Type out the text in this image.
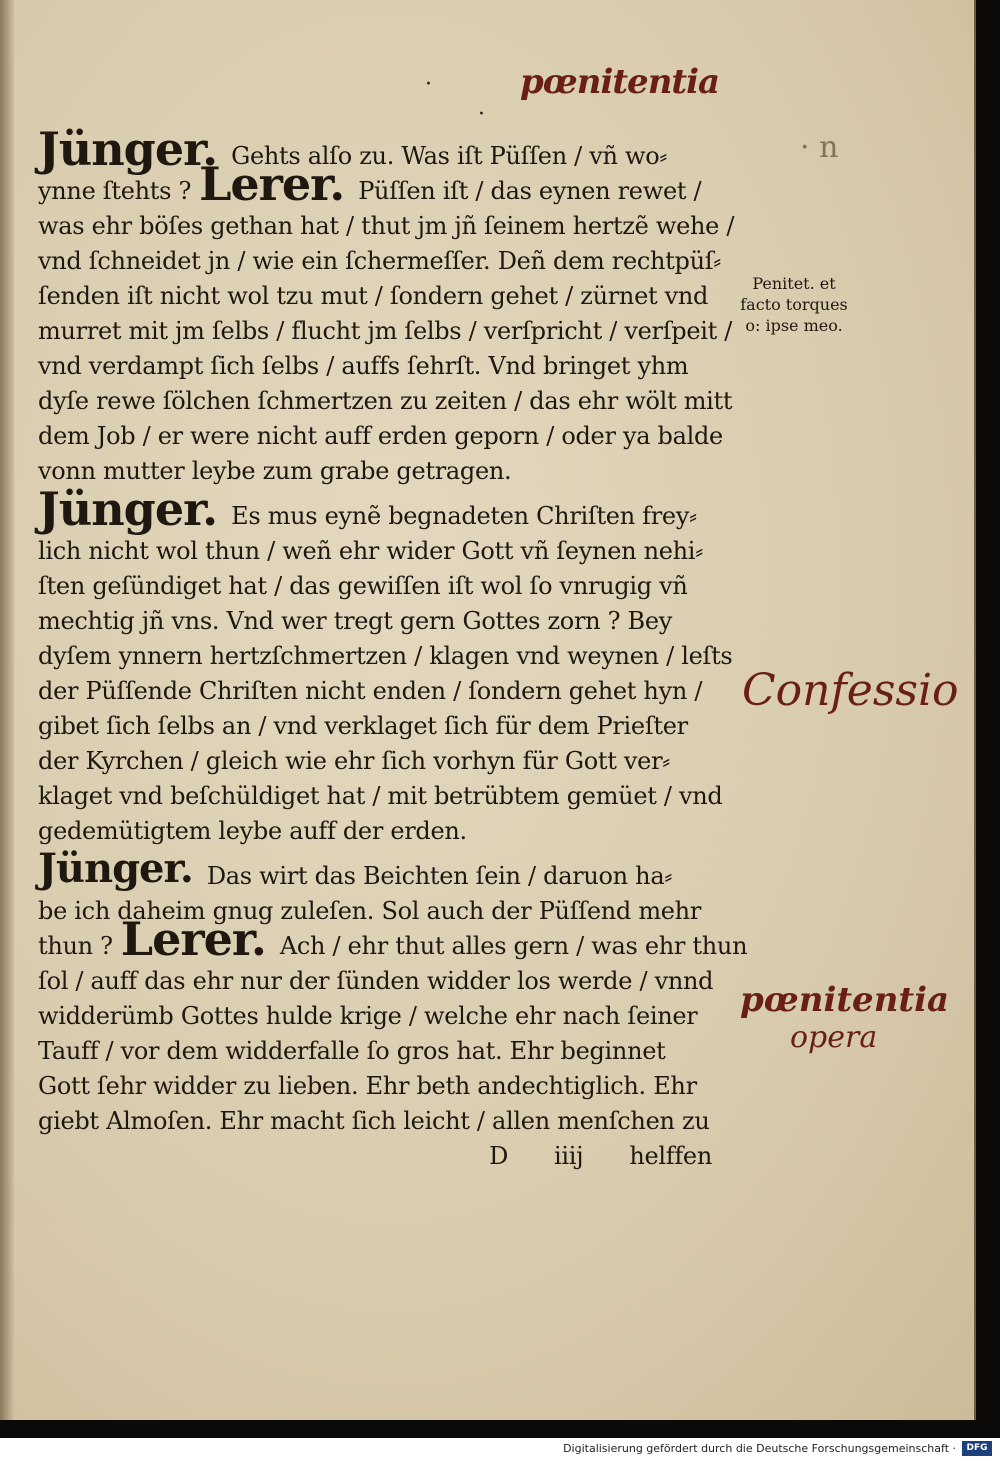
pœnitentia
·
·
· n
Jünger. Gehts alſo zu. Was iſt Püſſen / vñ wo⸗
ynne ſtehts ? Lerer. Püſſen iſt / das eynen rewet /
was ehr böſes gethan hat / thut jm jñ ſeinem hertzẽ wehe /
vnd ſchneidet jn / wie ein ſchermeſſer. Deñ dem rechtpüſ⸗
ſenden iſt nicht wol tzu mut / ſondern gehet / zürnet vnd
murret mit jm ſelbs / flucht jm ſelbs / verſpricht / verſpeit /
vnd verdampt ſich ſelbs / auffs ſehrſt. Vnd bringet yhm
dyſe rewe ſölchen ſchmertzen zu zeiten / das ehr wölt mitt
dem Job / er were nicht auff erden geporn / oder ya balde
vonn mutter leybe zum grabe getragen.
Jünger. Es mus eynẽ begnadeten Chriſten frey⸗
lich nicht wol thun / weñ ehr wider Gott vñ ſeynen nehi⸗
ſten geſündiget hat / das gewiſſen iſt wol ſo vnrugig vñ
mechtig jñ vns. Vnd wer tregt gern Gottes zorn ? Bey
dyſem ynnern hertzſchmertzen / klagen vnd weynen / leſts
der Püſſende Chriſten nicht enden / ſondern gehet hyn /
gibet ſich ſelbs an / vnd verklaget ſich für dem Prieſter
der Kyrchen / gleich wie ehr ſich vorhyn für Gott ver⸗
klaget vnd beſchüldiget hat / mit betrübtem gemüet / vnd
gedemütigtem leybe auff der erden.
Jünger. Das wirt das Beichten ſein / daruon ha⸗
be ich daheim gnug zuleſen. Sol auch der Püſſend mehr
thun ? Lerer. Ach / ehr thut alles gern / was ehr thun
ſol / auff das ehr nur der ſünden widder los werde / vnnd
widderümb Gottes hulde krige / welche ehr nach ſeiner
Tauff / vor dem widderfalle ſo gros hat. Ehr beginnet
Gott ſehr widder zu lieben. Ehr beth andechtiglich. Ehr
giebt Almoſen. Ehr macht ſich leicht / allen menſchen zu
D iiij helffen
Penitet. et
facto torques
o: ipse meo.
Confessio
pœnitentia
opera
Digitalisierung gefördert durch die Deutsche Forschungsgemeinschaft ·	DFG
